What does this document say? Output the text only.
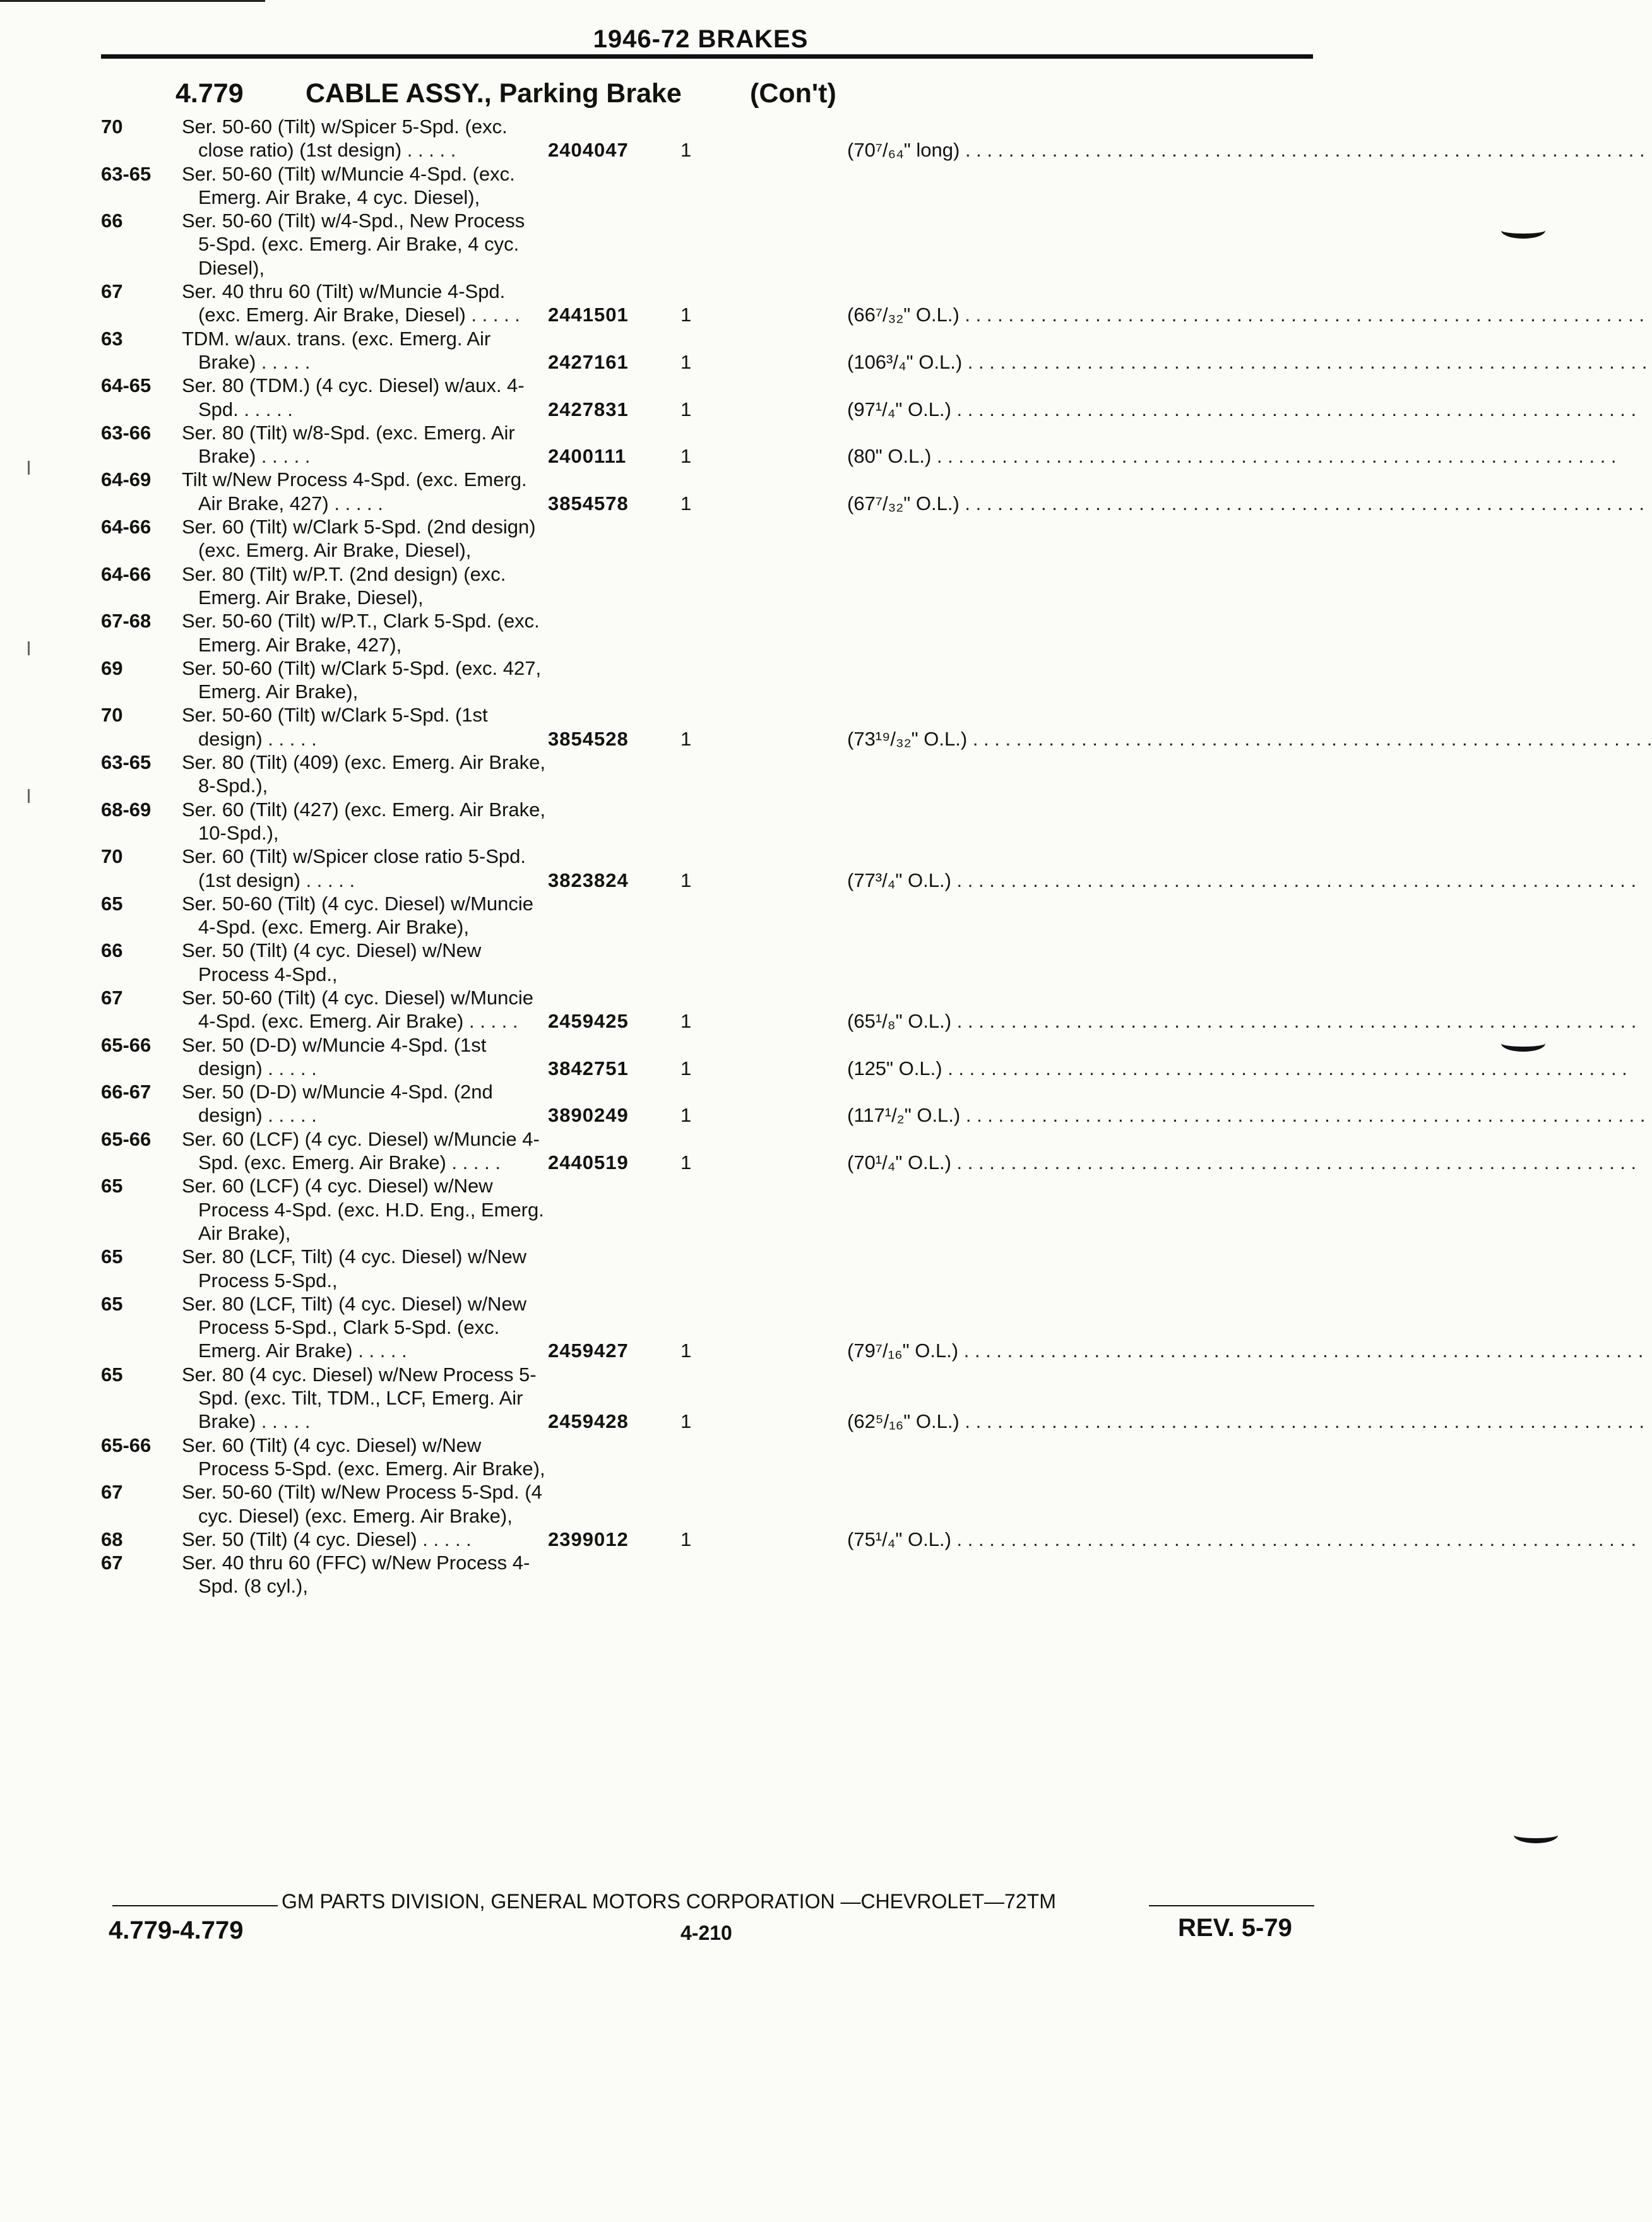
1946-72 BRAKES
4.779 CABLE ASSY., Parking Brake	(Con't)
70	Ser. 50-60 (Tilt) w/Spicer 5-Spd. (exc. close ratio) (1st design) . . . . .	2404047	1	(70⁷/₆₄" long) . . . . . . . . . . . . . . . . . . . . . . . . . . . . . . . . . . . . . . . . . . . . . . . . . . . . . . . . . . . . . . .
63-65	Ser. 50-60 (Tilt) w/Muncie 4-Spd. (exc. Emerg. Air Brake, 4 cyc. Diesel),
66	Ser. 50-60 (Tilt) w/4-Spd., New Process 5-Spd. (exc. Emerg. Air Brake, 4 cyc. Diesel),
67	Ser. 40 thru 60 (Tilt) w/Muncie 4-Spd. (exc. Emerg. Air Brake, Diesel) . . . . .	2441501	1	(66⁷/₃₂" O.L.) . . . . . . . . . . . . . . . . . . . . . . . . . . . . . . . . . . . . . . . . . . . . . . . . . . . . . . . . . . . . . . .
63	TDM. w/aux. trans. (exc. Emerg. Air Brake) . . . . .	2427161	1	(106³/₄" O.L.) . . . . . . . . . . . . . . . . . . . . . . . . . . . . . . . . . . . . . . . . . . . . . . . . . . . . . . . . . . . . . . .
64-65	Ser. 80 (TDM.) (4 cyc. Diesel) w/aux. 4-Spd. . . . . .	2427831	1	(97¹/₄" O.L.) . . . . . . . . . . . . . . . . . . . . . . . . . . . . . . . . . . . . . . . . . . . . . . . . . . . . . . . . . . . . . . .
63-66	Ser. 80 (Tilt) w/8-Spd. (exc. Emerg. Air Brake) . . . . .	2400111	1	(80" O.L.) . . . . . . . . . . . . . . . . . . . . . . . . . . . . . . . . . . . . . . . . . . . . . . . . . . . . . . . . . . . . . . .
64-69	Tilt w/New Process 4-Spd. (exc. Emerg. Air Brake, 427) . . . . .	3854578	1	(67⁷/₃₂" O.L.) . . . . . . . . . . . . . . . . . . . . . . . . . . . . . . . . . . . . . . . . . . . . . . . . . . . . . . . . . . . . . . .
64-66	Ser. 60 (Tilt) w/Clark 5-Spd. (2nd design) (exc. Emerg. Air Brake, Diesel),
64-66	Ser. 80 (Tilt) w/P.T. (2nd design) (exc. Emerg. Air Brake, Diesel),
67-68	Ser. 50-60 (Tilt) w/P.T., Clark 5-Spd. (exc. Emerg. Air Brake, 427),
69	Ser. 50-60 (Tilt) w/Clark 5-Spd. (exc. 427, Emerg. Air Brake),
70	Ser. 50-60 (Tilt) w/Clark 5-Spd. (1st design) . . . . .	3854528	1	(73¹⁹/₃₂" O.L.) . . . . . . . . . . . . . . . . . . . . . . . . . . . . . . . . . . . . . . . . . . . . . . . . . . . . . . . . . . . . . . .
63-65	Ser. 80 (Tilt) (409) (exc. Emerg. Air Brake, 8-Spd.),
68-69	Ser. 60 (Tilt) (427) (exc. Emerg. Air Brake, 10-Spd.),
70	Ser. 60 (Tilt) w/Spicer close ratio 5-Spd. (1st design) . . . . .	3823824	1	(77³/₄" O.L.) . . . . . . . . . . . . . . . . . . . . . . . . . . . . . . . . . . . . . . . . . . . . . . . . . . . . . . . . . . . . . . .
65	Ser. 50-60 (Tilt) (4 cyc. Diesel) w/Muncie 4-Spd. (exc. Emerg. Air Brake),
66	Ser. 50 (Tilt) (4 cyc. Diesel) w/New Process 4-Spd.,
67	Ser. 50-60 (Tilt) (4 cyc. Diesel) w/Muncie 4-Spd. (exc. Emerg. Air Brake) . . . . .	2459425	1	(65¹/₈" O.L.) . . . . . . . . . . . . . . . . . . . . . . . . . . . . . . . . . . . . . . . . . . . . . . . . . . . . . . . . . . . . . . .
65-66	Ser. 50 (D-D) w/Muncie 4-Spd. (1st design) . . . . .	3842751	1	(125" O.L.) . . . . . . . . . . . . . . . . . . . . . . . . . . . . . . . . . . . . . . . . . . . . . . . . . . . . . . . . . . . . . . .
66-67	Ser. 50 (D-D) w/Muncie 4-Spd. (2nd design) . . . . .	3890249	1	(117¹/₂" O.L.) . . . . . . . . . . . . . . . . . . . . . . . . . . . . . . . . . . . . . . . . . . . . . . . . . . . . . . . . . . . . . . .
65-66	Ser. 60 (LCF) (4 cyc. Diesel) w/Muncie 4-Spd. (exc. Emerg. Air Brake) . . . . .	2440519	1	(70¹/₄" O.L.) . . . . . . . . . . . . . . . . . . . . . . . . . . . . . . . . . . . . . . . . . . . . . . . . . . . . . . . . . . . . . . .
65	Ser. 60 (LCF) (4 cyc. Diesel) w/New Process 4-Spd. (exc. H.D. Eng., Emerg. Air Brake),
65	Ser. 80 (LCF, Tilt) (4 cyc. Diesel) w/New Process 5-Spd.,
65	Ser. 80 (LCF, Tilt) (4 cyc. Diesel) w/New Process 5-Spd., Clark 5-Spd. (exc. Emerg. Air Brake) . . . . .	2459427	1	(79⁷/₁₆" O.L.) . . . . . . . . . . . . . . . . . . . . . . . . . . . . . . . . . . . . . . . . . . . . . . . . . . . . . . . . . . . . . . .
65	Ser. 80 (4 cyc. Diesel) w/New Process 5-Spd. (exc. Tilt, TDM., LCF, Emerg. Air Brake) . . . . .	2459428	1	(62⁵/₁₆" O.L.) . . . . . . . . . . . . . . . . . . . . . . . . . . . . . . . . . . . . . . . . . . . . . . . . . . . . . . . . . . . . . . .
65-66	Ser. 60 (Tilt) (4 cyc. Diesel) w/New Process 5-Spd. (exc. Emerg. Air Brake),
67	Ser. 50-60 (Tilt) w/New Process 5-Spd. (4 cyc. Diesel) (exc. Emerg. Air Brake),
68	Ser. 50 (Tilt) (4 cyc. Diesel) . . . . .	2399012	1	(75¹/₄" O.L.) . . . . . . . . . . . . . . . . . . . . . . . . . . . . . . . . . . . . . . . . . . . . . . . . . . . . . . . . . . . . . . .
67	Ser. 40 thru 60 (FFC) w/New Process 4-Spd. (8 cyl.),
GM PARTS DIVISION, GENERAL MOTORS CORPORATION —CHEVROLET—72TM
4.779-4.779	4-210	REV. 5-79
